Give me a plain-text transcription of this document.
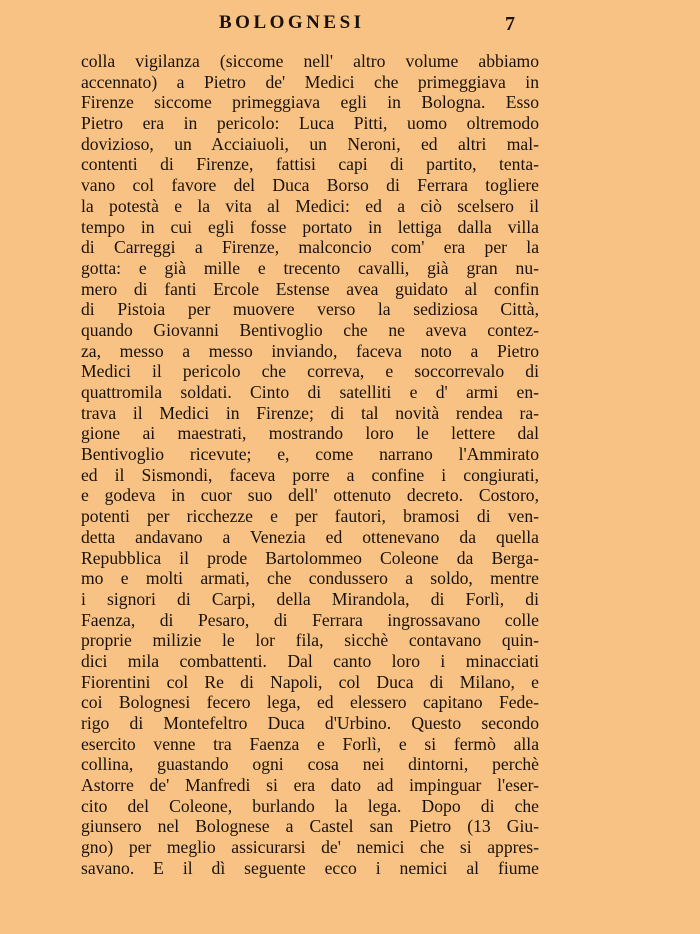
BOLOGNESI	7
colla vigilanza (siccome nell' altro volume abbiamo
accennato) a Pietro de' Medici che primeggiava in
Firenze siccome primeggiava egli in Bologna. Esso
Pietro era in pericolo: Luca Pitti, uomo oltremodo
dovizioso, un Acciaiuoli, un Neroni, ed altri mal-
contenti di Firenze, fattisi capi di partito, tenta-
vano col favore del Duca Borso di Ferrara togliere
la potestà e la vita al Medici: ed a ciò scelsero il
tempo in cui egli fosse portato in lettiga dalla villa
di Carreggi a Firenze, malconcio com' era per la
gotta: e già mille e trecento cavalli, già gran nu-
mero di fanti Ercole Estense avea guidato al confin
di Pistoia per muovere verso la sediziosa Città,
quando Giovanni Bentivoglio che ne aveva contez-
za, messo a messo inviando, faceva noto a Pietro
Medici il pericolo che correva, e soccorrevalo di
quattromila soldati. Cinto di satelliti e d' armi en-
trava il Medici in Firenze; di tal novità rendea ra-
gione ai maestrati, mostrando loro le lettere dal
Bentivoglio ricevute; e, come narrano l'Ammirato
ed il Sismondi, faceva porre a confine i congiurati,
e godeva in cuor suo dell' ottenuto decreto. Costoro,
potenti per ricchezze e per fautori, bramosi di ven-
detta andavano a Venezia ed ottenevano da quella
Repubblica il prode Bartolommeo Coleone da Berga-
mo e molti armati, che condussero a soldo, mentre
i signori di Carpi, della Mirandola, di Forlì, di
Faenza, di Pesaro, di Ferrara ingrossavano colle
proprie milizie le lor fila, sicchè contavano quin-
dici mila combattenti. Dal canto loro i minacciati
Fiorentini col Re di Napoli, col Duca di Milano, e
coi Bolognesi fecero lega, ed elessero capitano Fede-
rigo di Montefeltro Duca d'Urbino. Questo secondo
esercito venne tra Faenza e Forlì, e si fermò alla
collina, guastando ogni cosa nei dintorni, perchè
Astorre de' Manfredi si era dato ad impinguar l'eser-
cito del Coleone, burlando la lega. Dopo di che
giunsero nel Bolognese a Castel san Pietro (13 Giu-
gno) per meglio assicurarsi de' nemici che si appres-
savano. E il dì seguente ecco i nemici al fiume
